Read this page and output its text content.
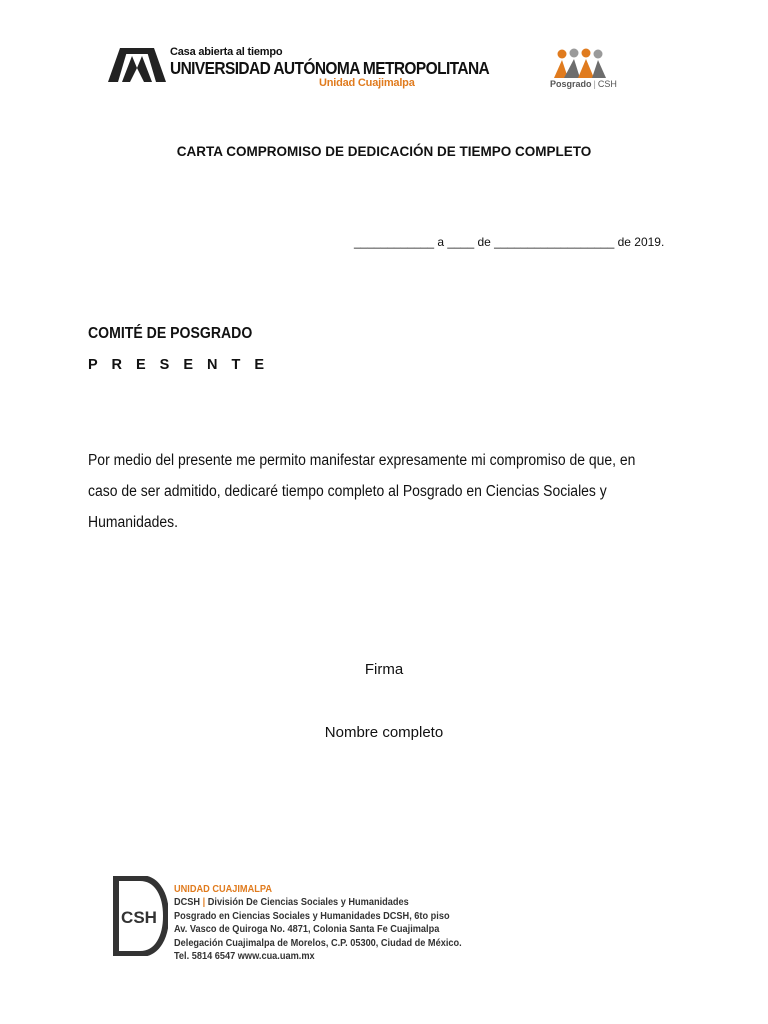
Casa abierta al tiempo
UNIVERSIDAD AUTÓNOMA METROPOLITANA
Unidad Cuajimalpa	Posgrado | CSH
CARTA COMPROMISO DE DEDICACIÓN DE TIEMPO COMPLETO
____________ a ____ de __________________ de 2019.
COMITÉ DE POSGRADO
P R E S E N T E
Por medio del presente me permito manifestar expresamente mi compromiso de que, en caso de ser admitido, dedicaré tiempo completo al Posgrado en Ciencias Sociales y Humanidades.
Firma
Nombre completo
CSH
UNIDAD CUAJIMALPA
DCSH | División De Ciencias Sociales y Humanidades
Posgrado en Ciencias Sociales y Humanidades DCSH, 6to piso
Av. Vasco de Quiroga No. 4871, Colonia Santa Fe Cuajimalpa
Delegación Cuajimalpa de Morelos, C.P. 05300, Ciudad de México.
Tel. 5814 6547 www.cua.uam.mx
